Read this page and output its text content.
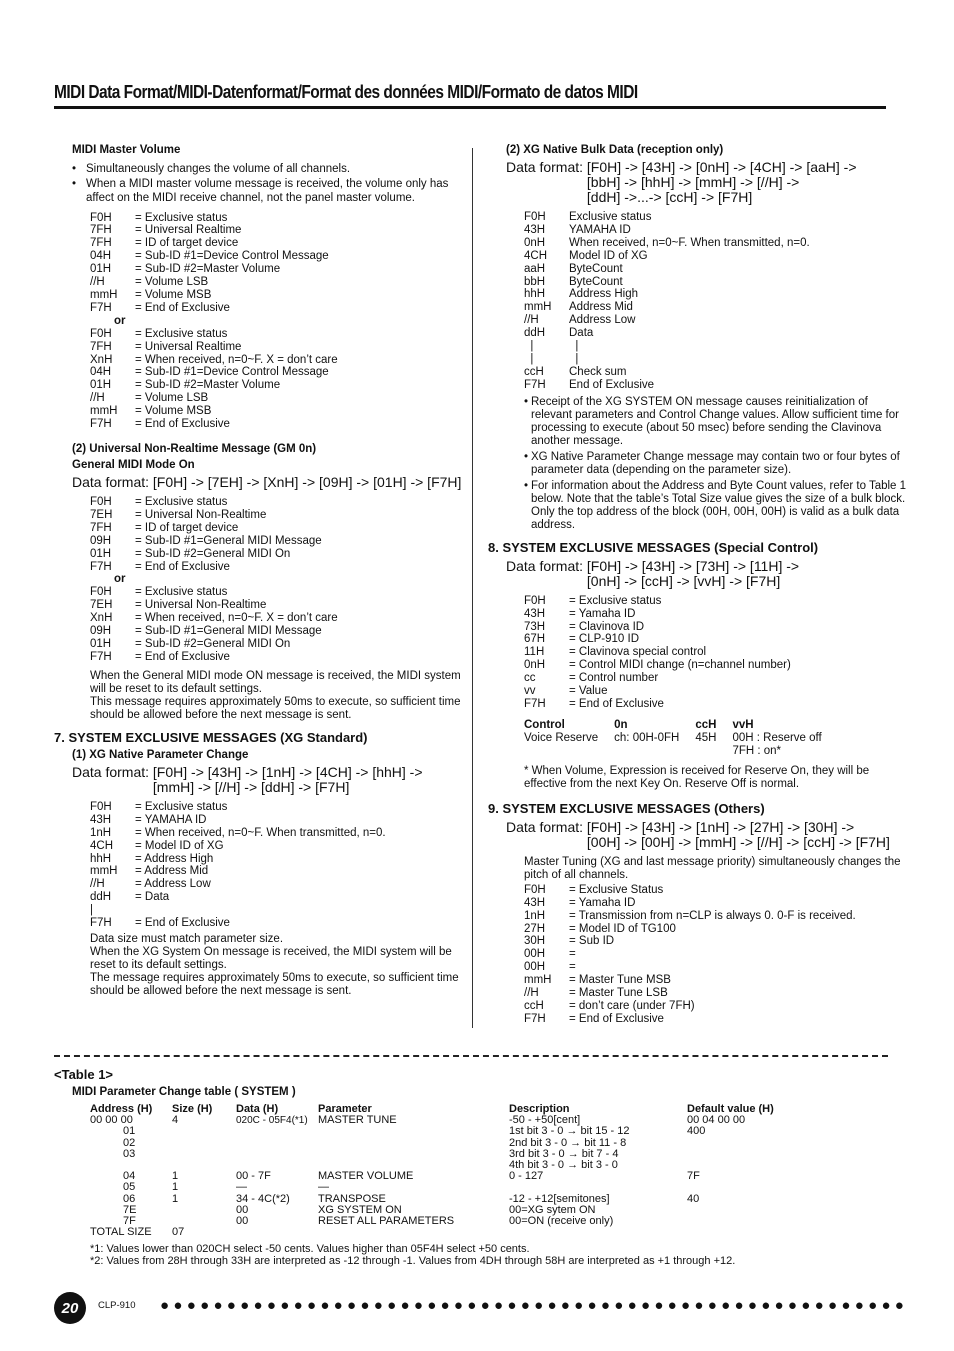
MIDI Data Format/MIDI-Datenformat/Format des données MIDI/Formato de datos MIDI
MIDI Master Volume
• Simultaneously changes the volume of all channels.
• When a MIDI master volume message is received, the volume only has affect on the MIDI receive channel, not the panel master volume.
F0H	= Exclusive status
7FH	= Universal Realtime
7FH	= ID of target device
04H	= Sub-ID #1=Device Control Message
01H	= Sub-ID #2=Master Volume
//H	= Volume LSB
mmH	= Volume MSB
F7H	= End of Exclusive
or
F0H	= Exclusive status
7FH	= Universal Realtime
XnH	= When received, n=0~F. X = don’t care
04H	= Sub-ID #1=Device Control Message
01H	= Sub-ID #2=Master Volume
//H	= Volume LSB
mmH	= Volume MSB
F7H	= End of Exclusive
(2) Universal Non-Realtime Message (GM 0n)
General MIDI Mode On
Data format: [F0H] -> [7EH] -> [XnH] -> [09H] -> [01H] -> [F7H]
F0H	= Exclusive status
7EH	= Universal Non-Realtime
7FH	= ID of target device
09H	= Sub-ID #1=General MIDI Message
01H	= Sub-ID #2=General MIDI On
F7H	= End of Exclusive
or
F0H	= Exclusive status
7EH	= Universal Non-Realtime
XnH	= When received, n=0~F. X = don’t care
09H	= Sub-ID #1=General MIDI Message
01H	= Sub-ID #2=General MIDI On
F7H	= End of Exclusive
When the General MIDI mode ON message is received, the MIDI system will be reset to its default settings.
This message requires approximately 50ms to execute, so sufficient time should be allowed before the next message is sent.
7. SYSTEM EXCLUSIVE MESSAGES (XG Standard)
(1) XG Native Parameter Change
Data format: [F0H] -> [43H] -> [1nH] -> [4CH] -> [hhH] ->
[mmH] -> [//H] -> [ddH] -> [F7H]
F0H	= Exclusive status
43H	= YAMAHA ID
1nH	= When received, n=0~F. When transmitted, n=0.
4CH	= Model ID of XG
hhH	= Address High
mmH	= Address Mid
//H	= Address Low
ddH	= Data
|
F7H	= End of Exclusive
Data size must match parameter size.
When the XG System On message is received, the MIDI system will be reset to its default settings.
The message requires approximately 50ms to execute, so sufficient time should be allowed before the next message is sent.
(2) XG Native Bulk Data (reception only)
Data format: [F0H] -> [43H] -> [0nH] -> [4CH] -> [aaH] ->
[bbH] -> [hhH] -> [mmH] -> [//H] ->
[ddH] ->...-> [ccH] -> [F7H]
F0H	Exclusive status
43H	YAMAHA ID
0nH	When received, n=0~F. When transmitted, n=0.
4CH	Model ID of XG
aaH	ByteCount
bbH	ByteCount
hhH	Address High
mmH	Address Mid
//H	Address Low
ddH	Data
|	|
|	|
ccH	Check sum
F7H	End of Exclusive
• Receipt of the XG SYSTEM ON message causes reinitialization of relevant parameters and Control Change values. Allow sufficient time for processing to execute (about 50 msec) before sending the Clavinova another message.
• XG Native Parameter Change message may contain two or four bytes of parameter data (depending on the parameter size).
• For information about the Address and Byte Count values, refer to Table 1 below. Note that the table’s Total Size value gives the size of a bulk block. Only the top address of the block (00H, 00H, 00H) is valid as a bulk data address.
8. SYSTEM EXCLUSIVE MESSAGES (Special Control)
Data format: [F0H] -> [43H] -> [73H] -> [11H] ->
[0nH] -> [ccH] -> [vvH] -> [F7H]
F0H	= Exclusive status
43H	= Yamaha ID
73H	= Clavinova ID
67H	= CLP-910 ID
11H	= Clavinova special control
0nH	= Control MIDI change (n=channel number)
cc	= Control number
vv	= Value
F7H	= End of Exclusive
Control	0n	ccH	vvH
Voice Reserve	ch: 00H-0FH	45H	00H : Reserve off
			7FH : on*
* When Volume, Expression is received for Reserve On, they will be effective from the next Key On. Reserve Off is normal.
9. SYSTEM EXCLUSIVE MESSAGES (Others)
Data format: [F0H] -> [43H] -> [1nH] -> [27H] -> [30H] ->
[00H] -> [00H] -> [mmH] -> [//H] -> [ccH] -> [F7H]
Master Tuning (XG and last message priority) simultaneously changes the pitch of all channels.
F0H	= Exclusive Status
43H	= Yamaha ID
1nH	= Transmission from n=CLP is always 0. 0-F is received.
27H	= Model ID of TG100
30H	= Sub ID
00H	=
00H	=
mmH	= Master Tune MSB
//H	= Master Tune LSB
ccH	= don’t care (under 7FH)
F7H	= End of Exclusive
<Table 1>
MIDI Parameter Change table ( SYSTEM )
Address (H)	Size (H)	Data (H)	Parameter	Description	Default value (H)
00 00 00	4	020C - 05F4(*1)	MASTER TUNE	-50 - +50[cent]	00 04 00 00
01				1st bit 3 - 0 → bit 15 - 12	400
02				2nd bit 3 - 0 → bit 11 - 8	
03				3rd bit 3 - 0 → bit 7 - 4	
				4th bit 3 - 0 → bit 3 - 0	
04	1	00 - 7F	MASTER VOLUME	0 - 127	7F
05	1	—	—		
06	1	34 - 4C(*2)	TRANSPOSE	-12 - +12[semitones]	40
7E		00	XG SYSTEM ON	00=XG sytem ON	
7F		00	RESET ALL PARAMETERS	00=ON (receive only)	
TOTAL SIZE	07				
*1: Values lower than 020CH select -50 cents. Values higher than 05F4H select +50 cents.
*2: Values from 28H through 33H are interpreted as -12 through -1. Values from 4DH through 58H are interpreted as +1 through +12.
20	CLP-910 ●●●●●●●●●●●●●●●●●●●●●●●●●●●●●●●●●●●●●●●●●●●●●●●●●●●●●●●●
